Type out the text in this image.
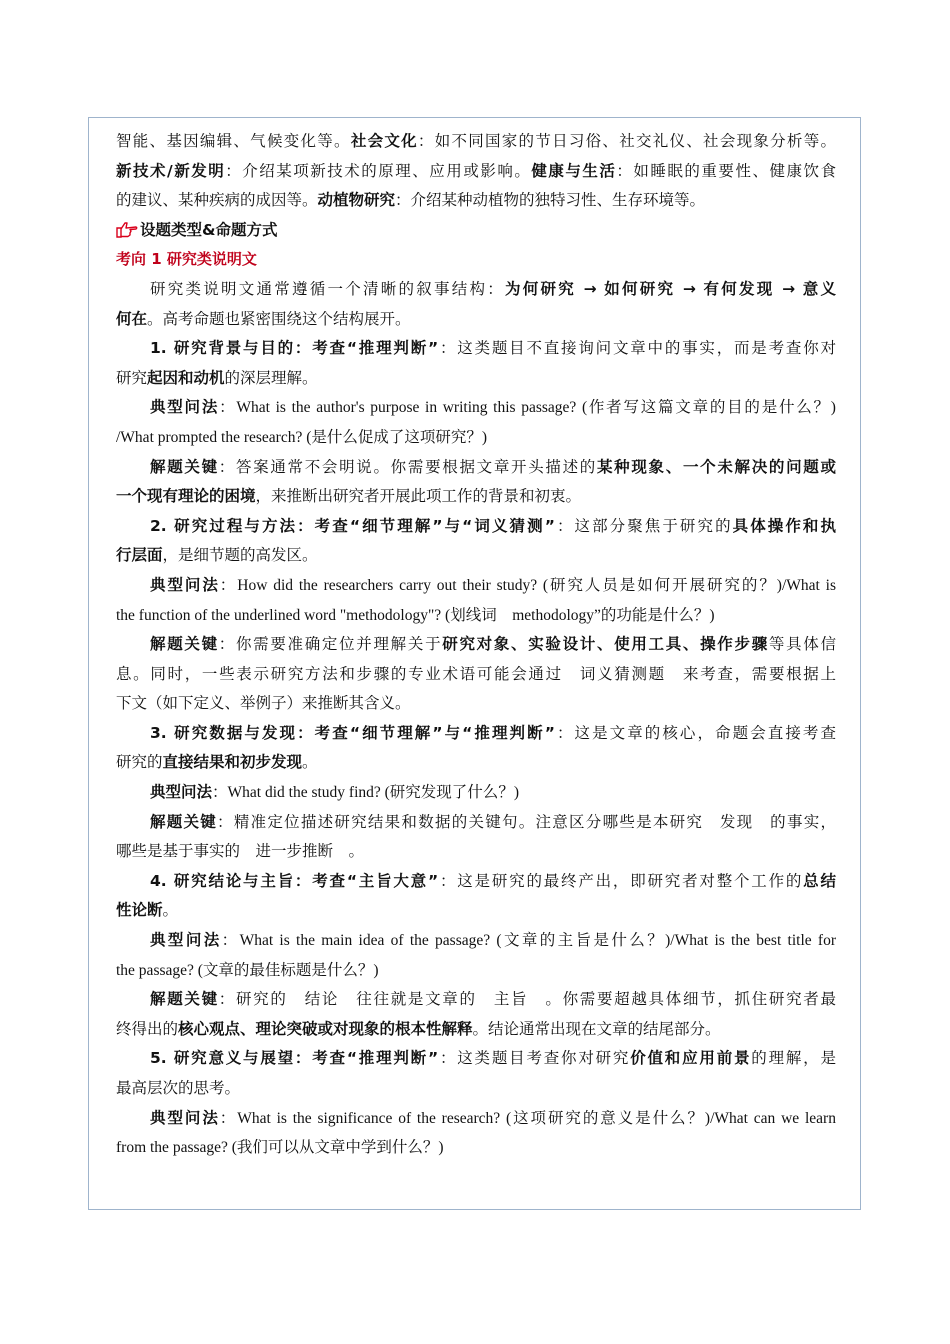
智能、基因编辑、气候变化等。社会文化：如不同国家的节日习俗、社交礼仪、社会现象分析等。
新技术/新发明：介绍某项新技术的原理、应用或影响。健康与生活：如睡眠的重要性、健康饮食
的建议、某种疾病的成因等。动植物研究：介绍某种动植物的独特习性、生存环境等。
设题类型&命题方式
考向 1 研究类说明文
研究类说明文通常遵循一个清晰的叙事结构：为何研究 → 如何研究 → 有何发现 → 意义
何在。高考命题也紧密围绕这个结构展开。
1. 研究背景与目的：考查“推理判断”：这类题目不直接询问文章中的事实，而是考查你对
研究起因和动机的深层理解。
典型问法：What is the author's purpose in writing this passage? (作者写这篇文章的目的是什么？)
/What prompted the research? (是什么促成了这项研究？)
解题关键：答案通常不会明说。你需要根据文章开头描述的某种现象、一个未解决的问题或
一个现有理论的困境，来推断出研究者开展此项工作的背景和初衷。
2. 研究过程与方法：考查“细节理解”与“词义猜测”：这部分聚焦于研究的具体操作和执
行层面，是细节题的高发区。
典型问法：How did the researchers carry out their study? (研究人员是如何开展研究的？)/What is
the function of the underlined word "methodology"? (划线词　methodology”的功能是什么？)
解题关键：你需要准确定位并理解关于研究对象、实验设计、使用工具、操作步骤等具体信
息。同时，一些表示研究方法和步骤的专业术语可能会通过　词义猜测题　来考查，需要根据上
下文（如下定义、举例子）来推断其含义。
3. 研究数据与发现：考查“细节理解”与“推理判断”：这是文章的核心，命题会直接考查
研究的直接结果和初步发现。
典型问法：What did the study find? (研究发现了什么？)
解题关键：精准定位描述研究结果和数据的关键句。注意区分哪些是本研究　发现　的事实，
哪些是基于事实的　进一步推断　。
4. 研究结论与主旨：考查“主旨大意”：这是研究的最终产出，即研究者对整个工作的总结
性论断。
典型问法：What is the main idea of the passage? (文章的主旨是什么？)/What is the best title for
the passage? (文章的最佳标题是什么？)
解题关键：研究的　结论　往往就是文章的　主旨　。你需要超越具体细节，抓住研究者最
终得出的核心观点、理论突破或对现象的根本性解释。结论通常出现在文章的结尾部分。
5. 研究意义与展望：考查“推理判断”：这类题目考查你对研究价值和应用前景的理解，是
最高层次的思考。
典型问法：What is the significance of the research? (这项研究的意义是什么？)/What can we learn
from the passage? (我们可以从文章中学到什么？)
